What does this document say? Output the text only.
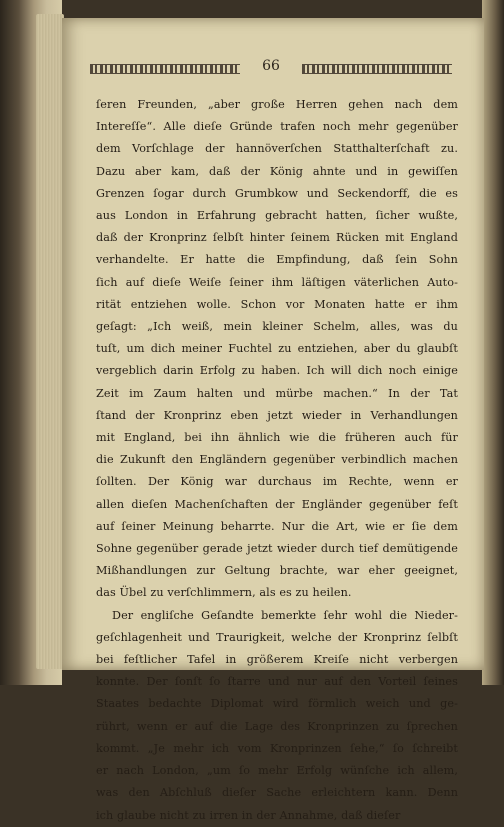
66
ſeren Freunden, „aber große Herren gehen nach dem
Intereſſe“. Alle dieſe Gründe trafen noch mehr gegenüber
dem Vorſchlage der hannöverſchen Statthalterſchaft zu.
Dazu aber kam, daß der König ahnte und in gewiſſen
Grenzen ſogar durch Grumbkow und Seckendorff, die es
aus London in Erfahrung gebracht hatten, ſicher wußte,
daß der Kronprinz ſelbſt hinter ſeinem Rücken mit England
verhandelte. Er hatte die Empfindung, daß ſein Sohn
ſich auf dieſe Weiſe ſeiner ihm läſtigen väterlichen Auto-
rität entziehen wolle. Schon vor Monaten hatte er ihm
geſagt: „Ich weiß, mein kleiner Schelm, alles, was du
tuſt, um dich meiner Fuchtel zu entziehen, aber du glaubſt
vergeblich darin Erfolg zu haben. Ich will dich noch einige
Zeit im Zaum halten und mürbe machen.“ In der Tat
ſtand der Kronprinz eben jetzt wieder in Verhandlungen
mit England, bei ihn ähnlich wie die früheren auch für
die Zukunft den Engländern gegenüber verbindlich machen
ſollten. Der König war durchaus im Rechte, wenn er
allen dieſen Machenſchaften der Engländer gegenüber feſt
auf ſeiner Meinung beharrte. Nur die Art, wie er ſie dem
Sohne gegenüber gerade jetzt wieder durch tief demütigende
Mißhandlungen zur Geltung brachte, war eher geeignet,
das Übel zu verſchlimmern, als es zu heilen.
Der engliſche Geſandte bemerkte ſehr wohl die Nieder-
geſchlagenheit und Traurigkeit, welche der Kronprinz ſelbſt
bei feſtlicher Tafel in größerem Kreiſe nicht verbergen
konnte. Der ſonſt ſo ſtarre und nur auf den Vorteil ſeines
Staates bedachte Diplomat wird förmlich weich und ge-
rührt, wenn er auf die Lage des Kronprinzen zu ſprechen
kommt. „Je mehr ich vom Kronprinzen ſehe,“ ſo ſchreibt
er nach London, „um ſo mehr Erfolg wünſche ich allem,
was den Abſchluß dieſer Sache erleichtern kann. Denn
ich glaube nicht zu irren in der Annahme, daß dieſer
